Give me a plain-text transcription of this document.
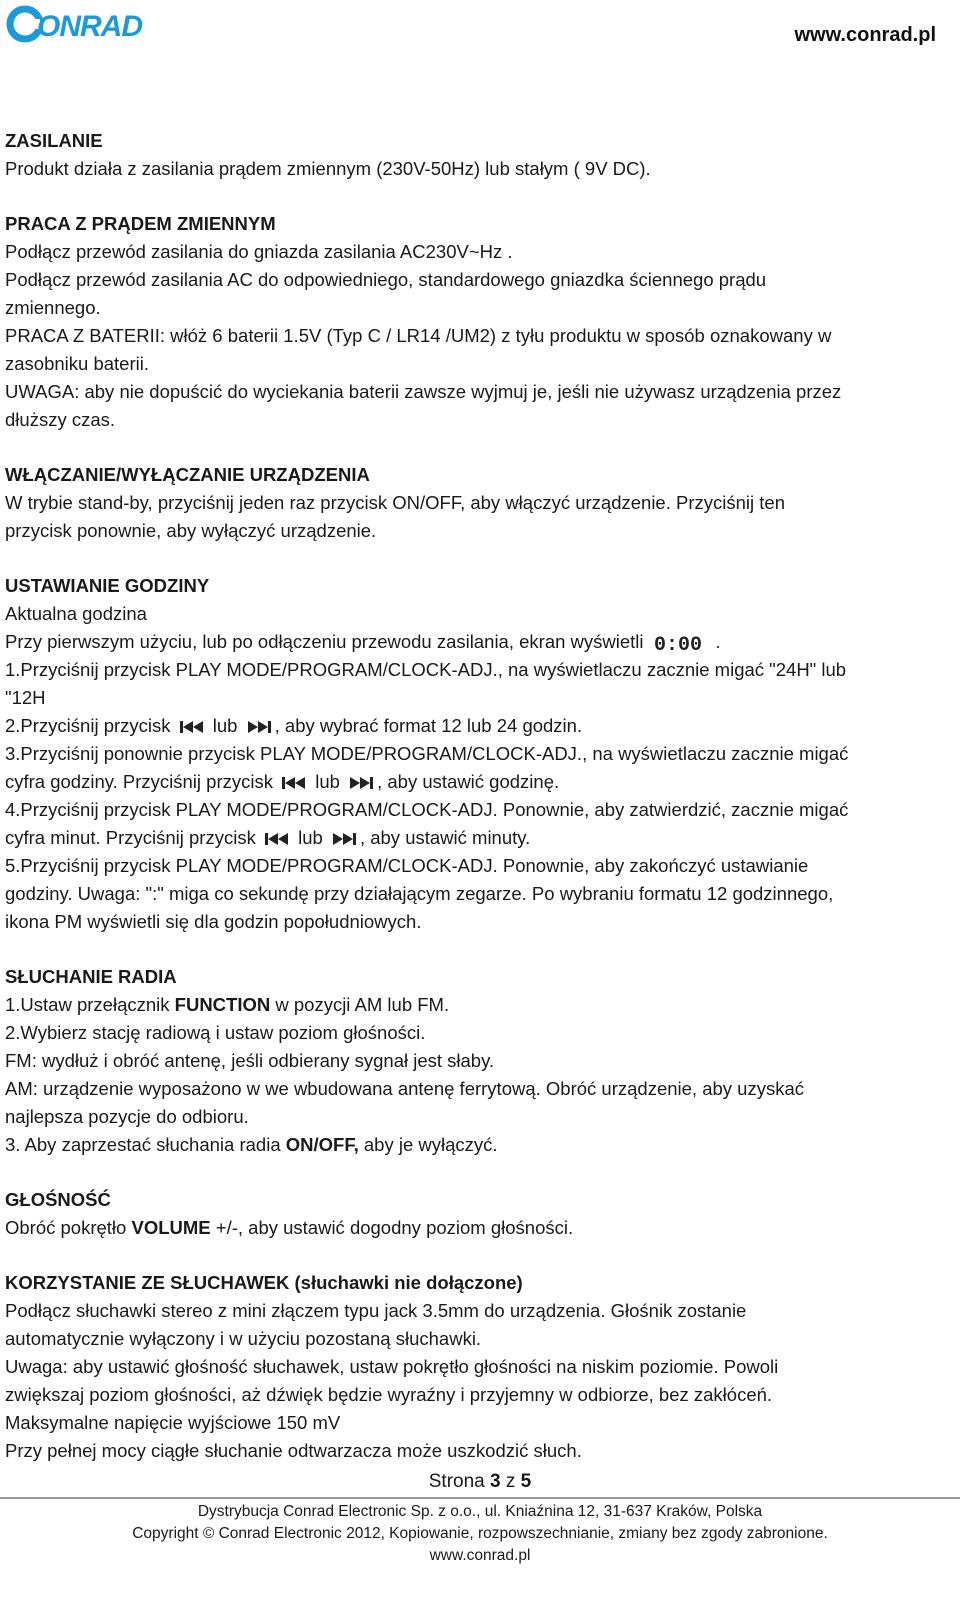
ONRAD	www.conrad.pl
ZASILANIE
Produkt działa z zasilania prądem zmiennym (230V-50Hz) lub stałym ( 9V DC).
PRACA Z PRĄDEM ZMIENNYM
Podłącz przewód zasilania do gniazda zasilania AC230V~Hz .
Podłącz przewód zasilania AC do odpowiedniego, standardowego gniazdka ściennego prądu
zmiennego.
PRACA Z BATERII: włóż 6 baterii 1.5V (Typ C / LR14 /UM2) z tyłu produktu w sposób oznakowany w
zasobniku baterii.
UWAGA: aby nie dopuścić do wyciekania baterii zawsze wyjmuj je, jeśli nie używasz urządzenia przez
dłuższy czas.
WŁĄCZANIE/WYŁĄCZANIE URZĄDZENIA
W trybie stand-by, przyciśnij jeden raz przycisk ON/OFF, aby włączyć urządzenie. Przyciśnij ten
przycisk ponownie, aby wyłączyć urządzenie.
USTAWIANIE GODZINY
Aktualna godzina
Przy pierwszym użyciu, lub po odłączeniu przewodu zasilania, ekran wyświetli 0:00 .
1.Przyciśnij przycisk PLAY MODE/PROGRAM/CLOCK-ADJ., na wyświetlaczu zacznie migać "24H" lub
"12H
2.Przyciśnij przycisk lub , aby wybrać format 12 lub 24 godzin.
3.Przyciśnij ponownie przycisk PLAY MODE/PROGRAM/CLOCK-ADJ., na wyświetlaczu zacznie migać
cyfra godziny. Przyciśnij przycisk lub , aby ustawić godzinę.
4.Przyciśnij przycisk PLAY MODE/PROGRAM/CLOCK-ADJ. Ponownie, aby zatwierdzić, zacznie migać
cyfra minut. Przyciśnij przycisk lub , aby ustawić minuty.
5.Przyciśnij przycisk PLAY MODE/PROGRAM/CLOCK-ADJ. Ponownie, aby zakończyć ustawianie
godziny. Uwaga: ":" miga co sekundę przy działającym zegarze. Po wybraniu formatu 12 godzinnego,
ikona PM wyświetli się dla godzin popołudniowych.
SŁUCHANIE RADIA
1.Ustaw przełącznik FUNCTION w pozycji AM lub FM.
2.Wybierz stację radiową i ustaw poziom głośności.
FM: wydłuż i obróć antenę, jeśli odbierany sygnał jest słaby.
AM: urządzenie wyposażono w we wbudowana antenę ferrytową. Obróć urządzenie, aby uzyskać
najlepsza pozycje do odbioru.
3. Aby zaprzestać słuchania radia ON/OFF, aby je wyłączyć.
GŁOŚNOŚĆ
Obróć pokrętło VOLUME +/-, aby ustawić dogodny poziom głośności.
KORZYSTANIE ZE SŁUCHAWEK (słuchawki nie dołączone)
Podłącz słuchawki stereo z mini złączem typu jack 3.5mm do urządzenia. Głośnik zostanie
automatycznie wyłączony i w użyciu pozostaną słuchawki.
Uwaga: aby ustawić głośność słuchawek, ustaw pokrętło głośności na niskim poziomie. Powoli
zwiększaj poziom głośności, aż dźwięk będzie wyraźny i przyjemny w odbiorze, bez zakłóceń.
Maksymalne napięcie wyjściowe 150 mV
Przy pełnej mocy ciągłe słuchanie odtwarzacza może uszkodzić słuch.
Strona 3 z 5
Dystrybucja Conrad Electronic Sp. z o.o., ul. Kniaźnina 12, 31-637 Kraków, Polska
Copyright © Conrad Electronic 2012, Kopiowanie, rozpowszechnianie, zmiany bez zgody zabronione.
www.conrad.pl
